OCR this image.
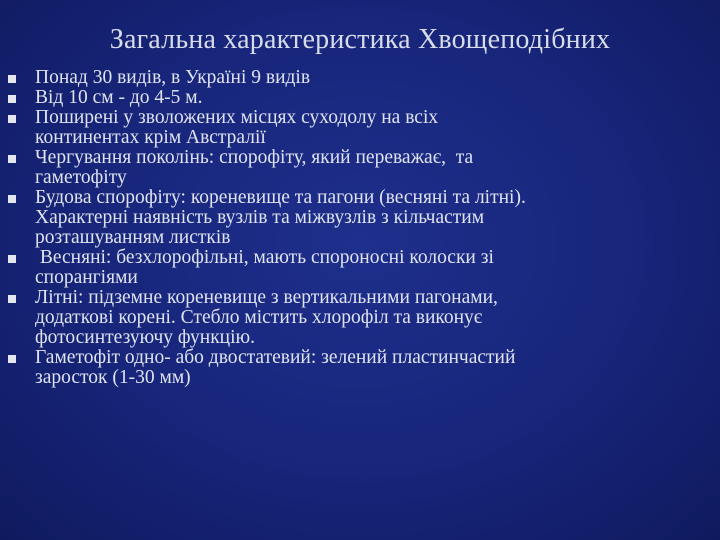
Загальна характеристика Хвощеподібних
Понад 30 видів, в Україні 9 видів
Від 10 см - до 4-5 м.
Поширені у зволожених місцях суходолу на всіх
континентах крім Австралії
Чергування поколінь: спорофіту, який переважає,  та
гаметофіту
Будова спорофіту: кореневище та пагони (весняні та літні).
Характерні наявність вузлів та міжвузлів з кільчастим
розташуванням листків
Весняні: безхлорофільні, мають спороносні колоски зі
спорангіями
Літні: підземне кореневище з вертикальними пагонами,
додаткові корені. Стебло містить хлорофіл та виконує
фотосинтезуючу функцію.
Гаметофіт одно- або двостатевий: зелений пластинчастий
заросток (1-30 мм)
